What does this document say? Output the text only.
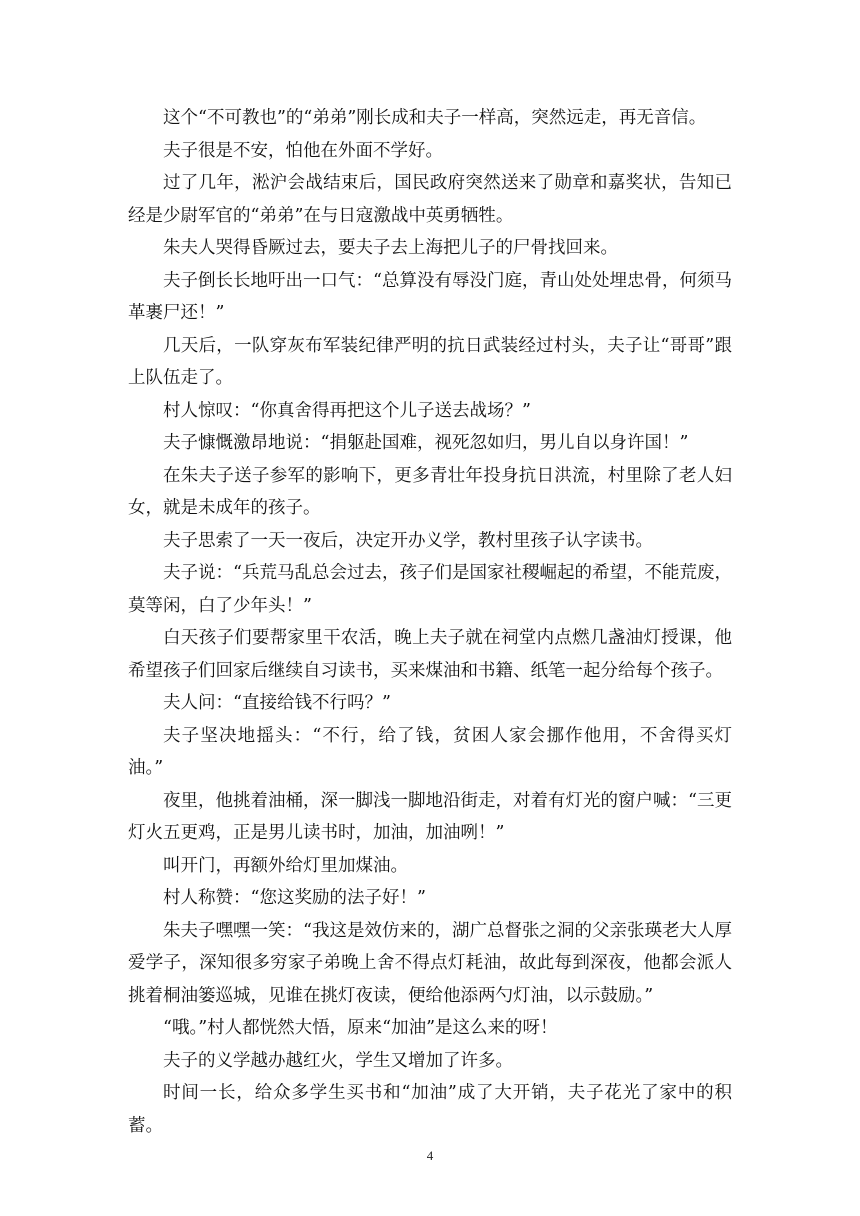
这个“不可教也”的“弟弟”刚长成和夫子一样高，突然远走，再无音信。

夫子很是不安，怕他在外面不学好。

过了几年，淞沪会战结束后，国民政府突然送来了勋章和嘉奖状，告知已经是少尉军官的“弟弟”在与日寇激战中英勇牺牲。

朱夫人哭得昏厥过去，要夫子去上海把儿子的尸骨找回来。

夫子倒长长地吁出一口气：“总算没有辱没门庭，青山处处埋忠骨，何须马革裹尸还！”

几天后，一队穿灰布军装纪律严明的抗日武装经过村头，夫子让“哥哥”跟上队伍走了。

村人惊叹：“你真舍得再把这个儿子送去战场？”

夫子慷慨激昂地说：“捐躯赴国难，视死忽如归，男儿自以身许国！”

在朱夫子送子参军的影响下，更多青壮年投身抗日洪流，村里除了老人妇女，就是未成年的孩子。

夫子思索了一天一夜后，决定开办义学，教村里孩子认字读书。

夫子说：“兵荒马乱总会过去，孩子们是国家社稷崛起的希望，不能荒废，莫等闲，白了少年头！”

白天孩子们要帮家里干农活，晚上夫子就在祠堂内点燃几盏油灯授课，他希望孩子们回家后继续自习读书，买来煤油和书籍、纸笔一起分给每个孩子。

夫人问：“直接给钱不行吗？”

夫子坚决地摇头：“不行，给了钱，贫困人家会挪作他用，不舍得买灯油。”

夜里，他挑着油桶，深一脚浅一脚地沿街走，对着有灯光的窗户喊：“三更灯火五更鸡，正是男儿读书时，加油，加油咧！”

叫开门，再额外给灯里加煤油。

村人称赞：“您这奖励的法子好！”

朱夫子嘿嘿一笑：“我这是效仿来的，湖广总督张之洞的父亲张瑛老大人厚爱学子，深知很多穷家子弟晚上舍不得点灯耗油，故此每到深夜，他都会派人挑着桐油篓巡城，见谁在挑灯夜读，便给他添两勺灯油，以示鼓励。”

“哦。”村人都恍然大悟，原来“加油”是这么来的呀！

夫子的义学越办越红火，学生又增加了许多。

时间一长，给众多学生买书和“加油”成了大开销，夫子花光了家中的积蓄。

4
